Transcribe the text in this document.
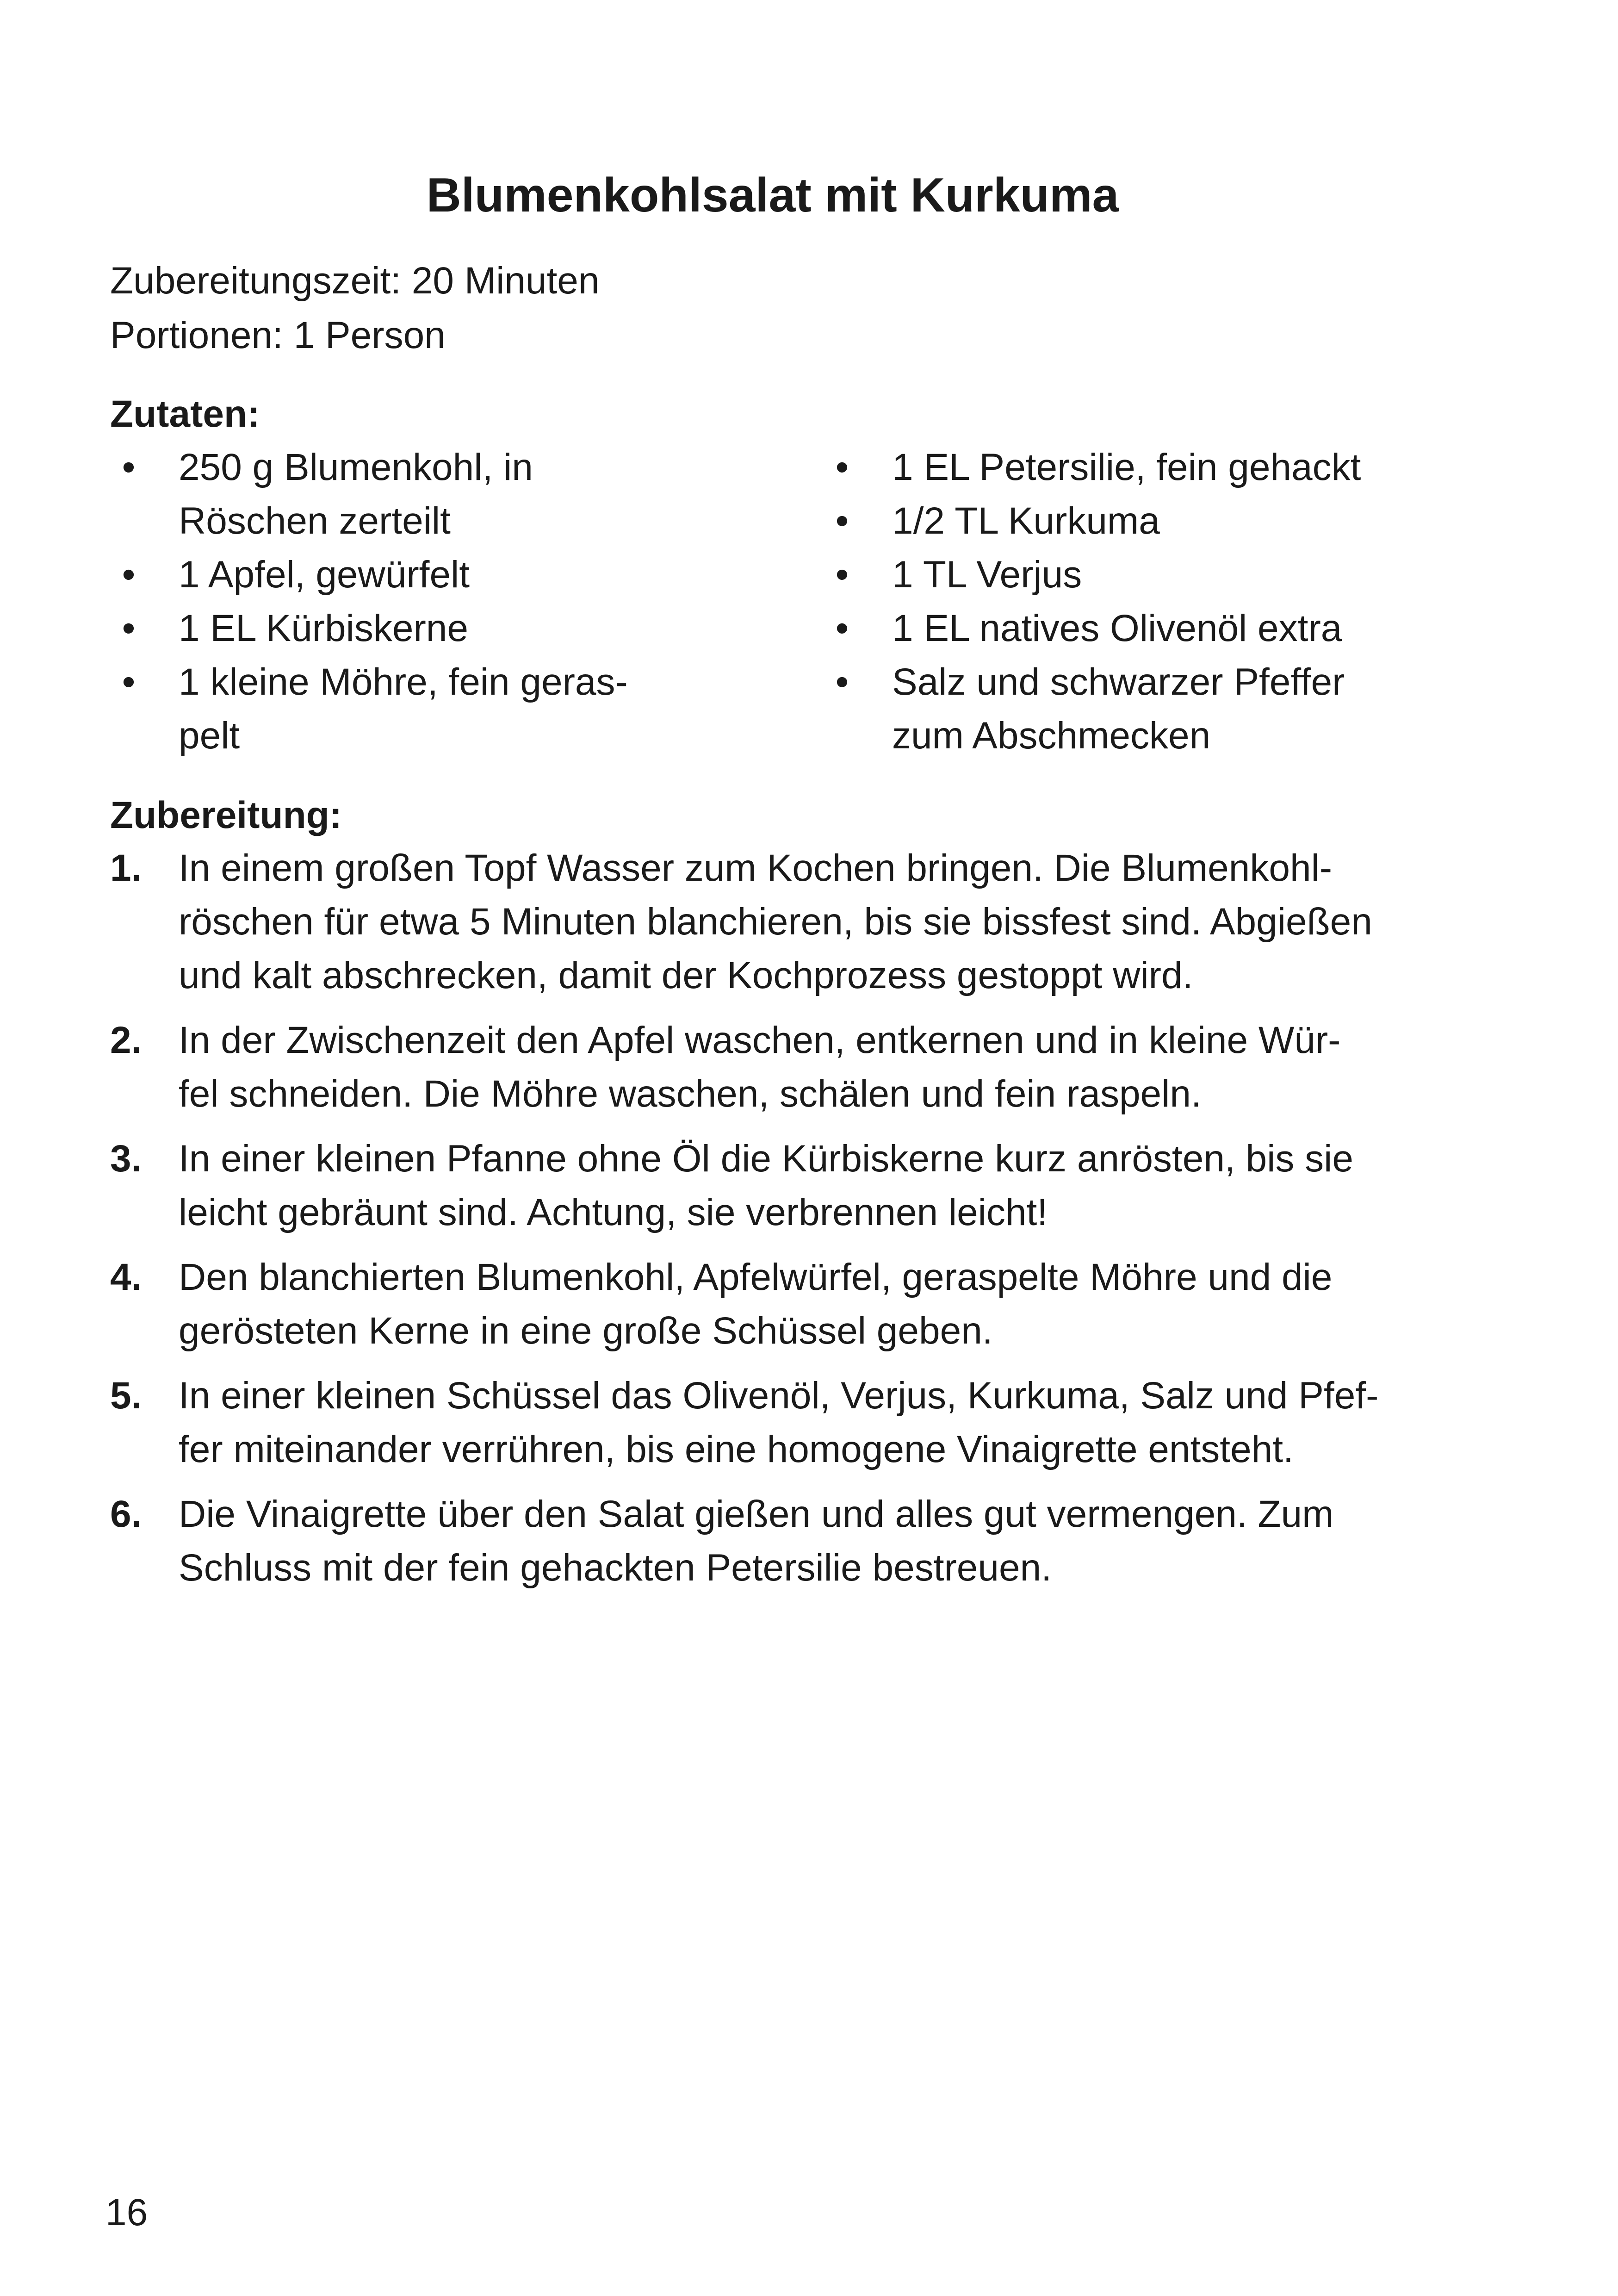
Blumenkohlsalat mit Kurkuma
Zubereitungszeit: 20 Minuten
Portionen: 1 Person
Zutaten:
• 250 g Blumenkohl, in
Röschen zerteilt
• 1 Apfel, gewürfelt
• 1 EL Kürbiskerne
• 1 kleine Möhre, fein geras-
pelt
• 1 EL Petersilie, fein gehackt
• 1/2 TL Kurkuma
• 1 TL Verjus
• 1 EL natives Olivenöl extra
• Salz und schwarzer Pfeffer
zum Abschmecken
Zubereitung:
1. In einem großen Topf Wasser zum Kochen bringen. Die Blumenkohl-
röschen für etwa 5 Minuten blanchieren, bis sie bissfest sind. Abgießen
und kalt abschrecken, damit der Kochprozess gestoppt wird.
2. In der Zwischenzeit den Apfel waschen, entkernen und in kleine Wür-
fel schneiden. Die Möhre waschen, schälen und fein raspeln.
3. In einer kleinen Pfanne ohne Öl die Kürbiskerne kurz anrösten, bis sie
leicht gebräunt sind. Achtung, sie verbrennen leicht!
4. Den blanchierten Blumenkohl, Apfelwürfel, geraspelte Möhre und die
gerösteten Kerne in eine große Schüssel geben.
5. In einer kleinen Schüssel das Olivenöl, Verjus, Kurkuma, Salz und Pfef-
fer miteinander verrühren, bis eine homogene Vinaigrette entsteht.
6. Die Vinaigrette über den Salat gießen und alles gut vermengen. Zum
Schluss mit der fein gehackten Petersilie bestreuen.
16
